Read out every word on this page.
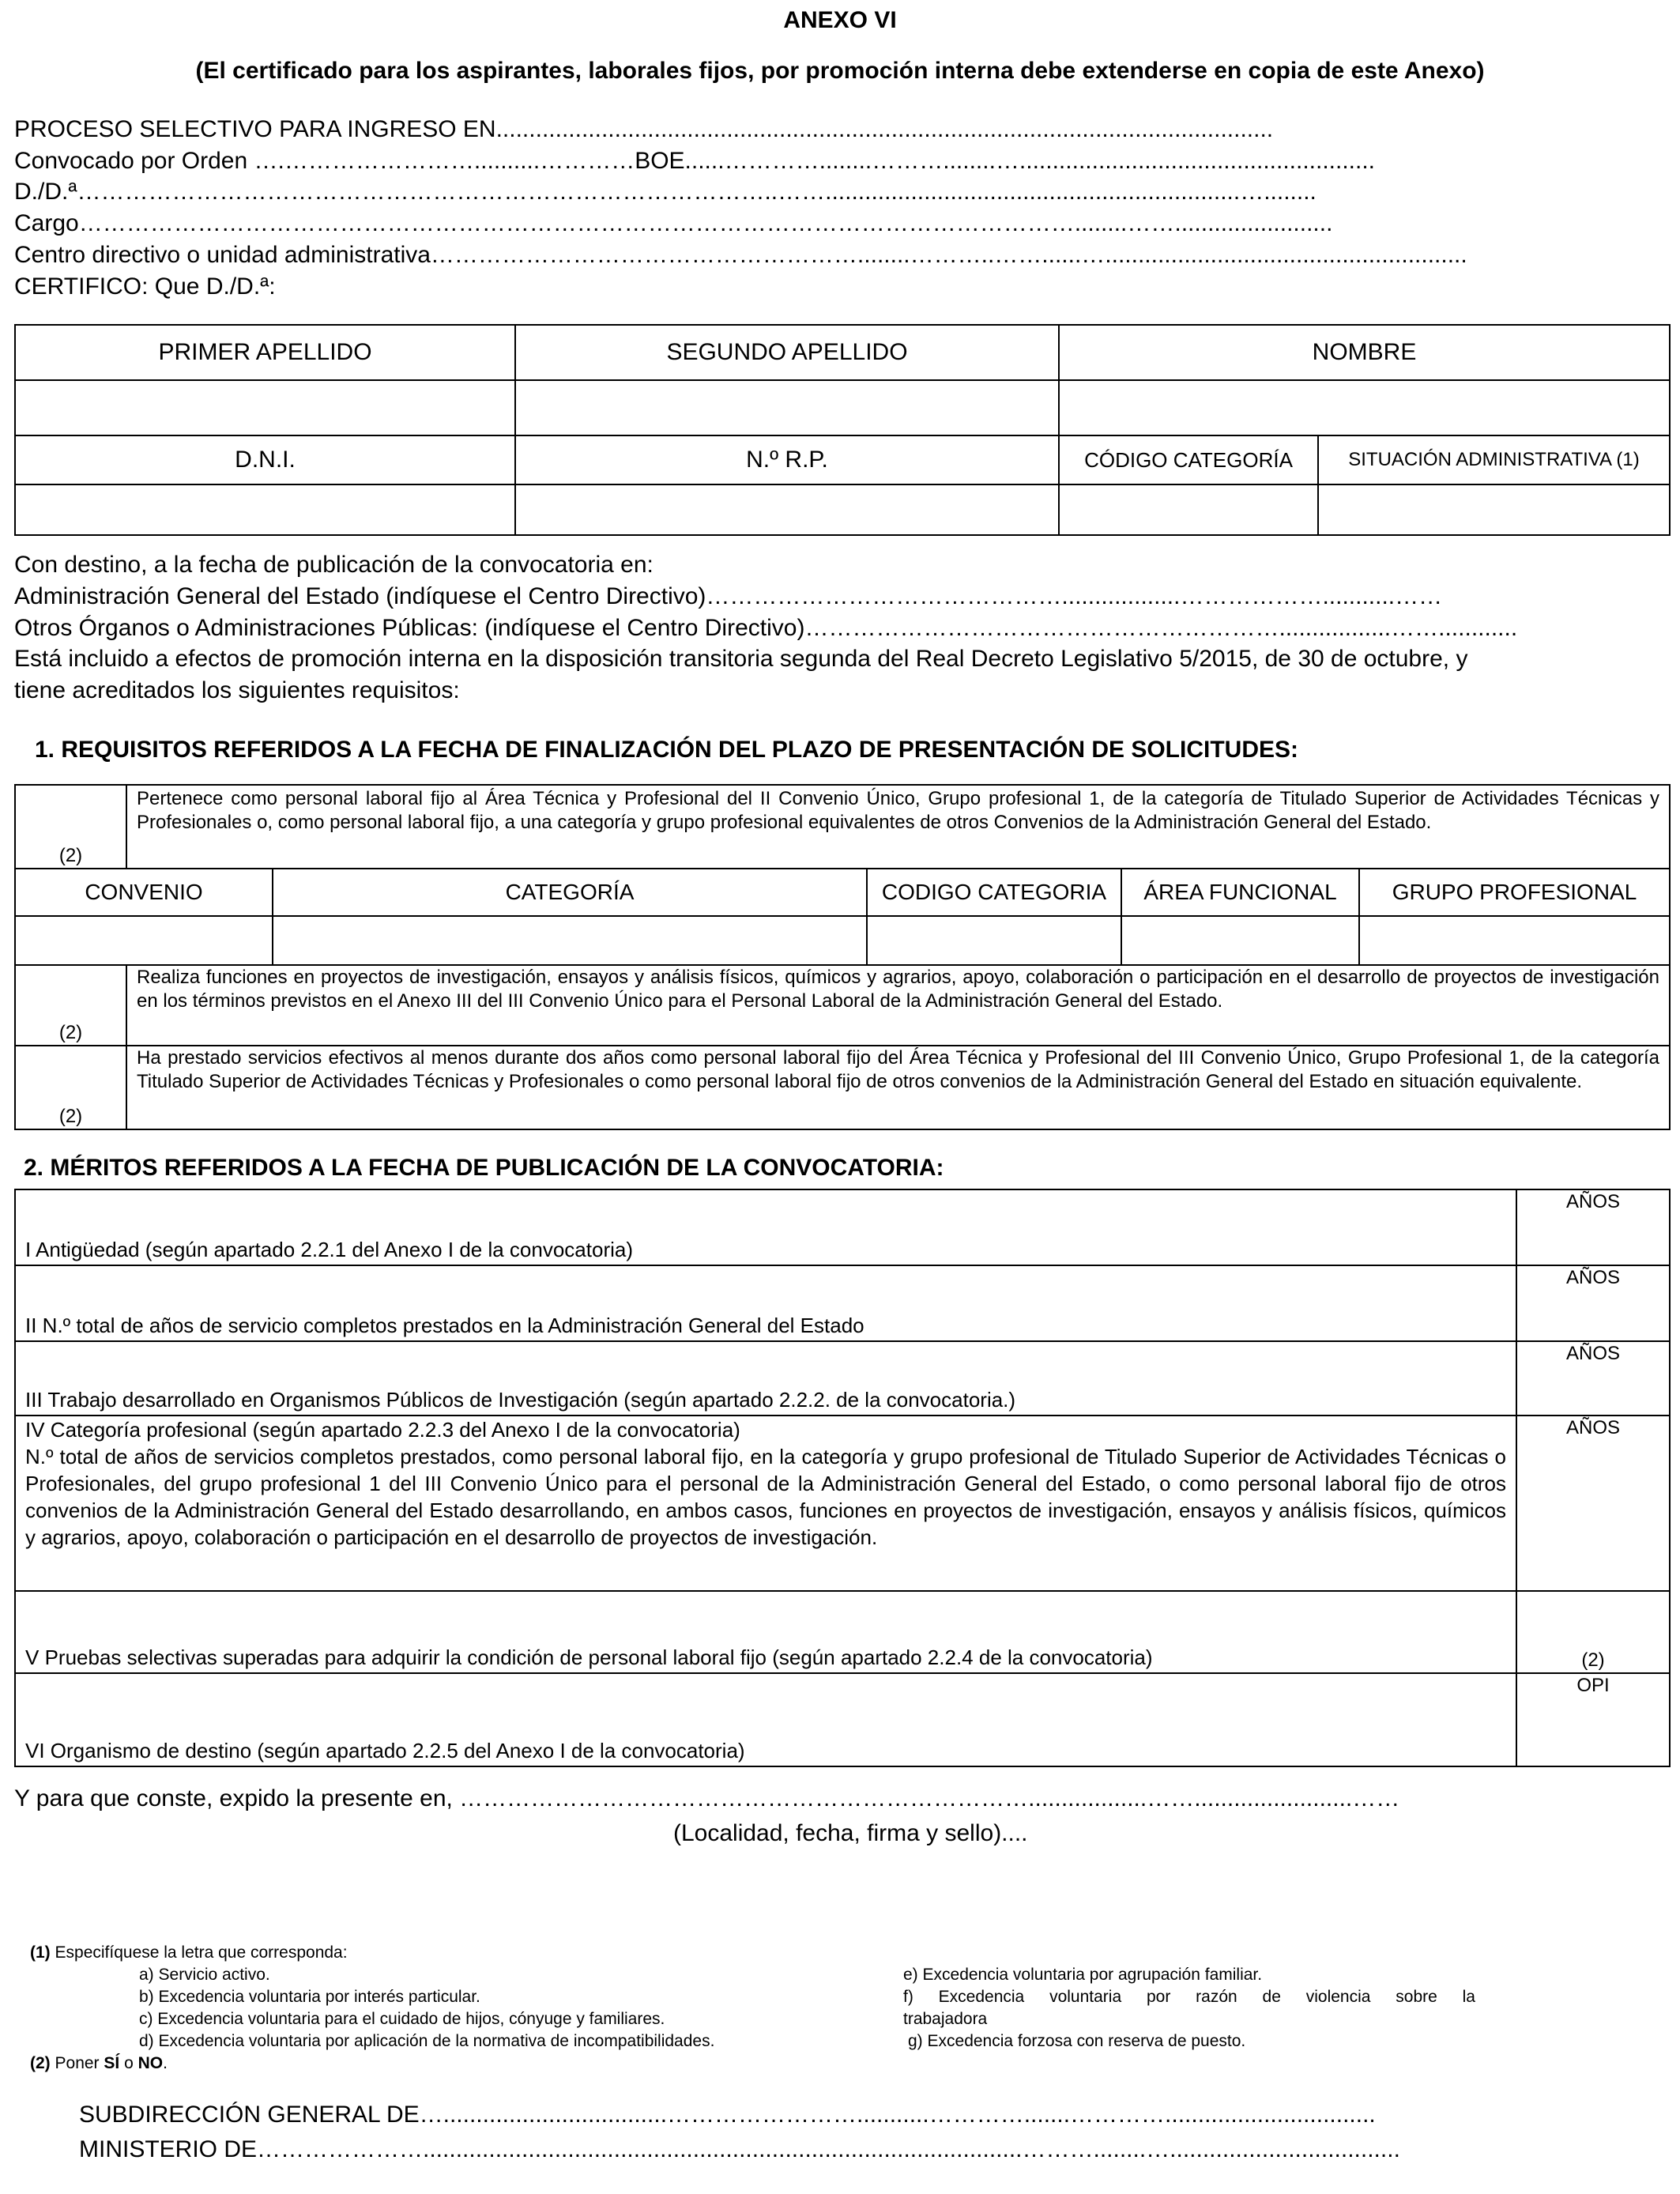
ANEXO VI
(El certificado para los aspirantes, laborales fijos, por promoción interna debe extenderse en copia de este Anexo)
PROCESO SELECTIVO PARA INGRESO EN......................................................................................................................
Convocado por Orden ….……………………..........…………BOE......…………........………........…......................................................
D./D.ª……………………………………………………………………………..……...............................................................…........
Cargo………………………………………………………………………………………………………………........……........................
Centro directivo o unidad administrativa………………………………………………........………..……......….......................................................
CERTIFICO: Que D./D.ª:
PRIMER APELLIDO	SEGUNDO APELLIDO	NOMBRE	

D.N.I.	N.º R.P.	CÓDIGO CATEGORÍA	SITUACIÓN ADMINISTRATIVA (1)

Con destino, a la fecha de publicación de la convocatoria en:
Administración General del Estado (indíquese el Centro Directivo)………………………………………..................………………...........……
Otros Órganos o Administraciones Públicas: (indíquese el Centro Directivo)…………………………………………………….................……............
Está incluido a efectos de promoción interna en la disposición transitoria segunda del Real Decreto Legislativo 5/2015, de 30 de octubre, y
tiene acreditados los siguientes requisitos:
1. REQUISITOS REFERIDOS A LA FECHA DE FINALIZACIÓN DEL PLAZO DE PRESENTACIÓN DE SOLICITUDES:
(2)	Pertenece como personal laboral fijo al Área Técnica y Profesional del II Convenio Único, Grupo profesional 1, de la categoría de Titulado Superior de Actividades Técnicas y Profesionales o, como personal laboral fijo, a una categoría y grupo profesional equivalentes de otros Convenios de la Administración General del Estado.				
CONVENIO		CATEGORÍA	CODIGO CATEGORIA	ÁREA FUNCIONAL	GRUPO PROFESIONAL

(2)	Realiza funciones en proyectos de investigación, ensayos y análisis físicos, químicos y agrarios, apoyo, colaboración o participación en el desarrollo de proyectos de investigación en los términos previstos en el Anexo III del III Convenio Único para el Personal Laboral de la Administración General del Estado.				
(2)	Ha prestado servicios efectivos al menos durante dos años como personal laboral fijo del Área Técnica y Profesional del III Convenio Único, Grupo Profesional 1, de la categoría Titulado Superior de Actividades Técnicas y Profesionales o como personal laboral fijo de otros convenios de la Administración General del Estado en situación equivalente.				
2. MÉRITOS REFERIDOS A LA FECHA DE PUBLICACIÓN DE LA CONVOCATORIA:
I Antigüedad (según apartado 2.2.1 del Anexo I de la convocatoria)	AÑOS
II N.º total de años de servicio completos prestados en la Administración General del Estado	AÑOS
III Trabajo desarrollado en Organismos Públicos de Investigación (según apartado 2.2.2. de la convocatoria.)	AÑOS

IV Categoría profesional (según apartado 2.2.3 del Anexo I de la convocatoria)
N.º total de años de servicios completos prestados, como personal laboral fijo, en la categoría y grupo profesional de Titulado Superior de Actividades Técnicas o Profesionales, del grupo profesional 1 del III Convenio Único para el personal de la Administración General del Estado, o como personal laboral fijo de otros convenios de la Administración General del Estado desarrollando, en ambos casos, funciones en proyectos de investigación, ensayos y análisis físicos, químicos y agrarios, apoyo, colaboración o participación en el desarrollo de proyectos de investigación.	AÑOS
V Pruebas selectivas superadas para adquirir la condición de personal laboral fijo (según apartado 2.2.4 de la convocatoria)	(2)
VI Organismo de destino (según apartado 2.2.5 del Anexo I de la convocatoria)	OPI
Y para que conste, expido la presente en, ………………………………………………………………..................……........................……
(Localidad, fecha, firma y sello)....
(1) Especifíquese la letra que corresponda:
a) Servicio activo.
b) Excedencia voluntaria por interés particular.
c) Excedencia voluntaria para el cuidado de hijos, cónyuge y familiares.
d) Excedencia voluntaria por aplicación de la normativa de incompatibilidades.
e) Excedencia voluntaria por agrupación familiar.
f) Excedencia voluntaria por razón de violencia sobre la
trabajadora
g) Excedencia forzosa con reserva de puesto.
(2) Poner SÍ o NO.
SUBDIRECCIÓN GENERAL DE…..................................……………………...........………….......…………................................
MINISTERIO DE…………………...........................................................................................………........…...................................
